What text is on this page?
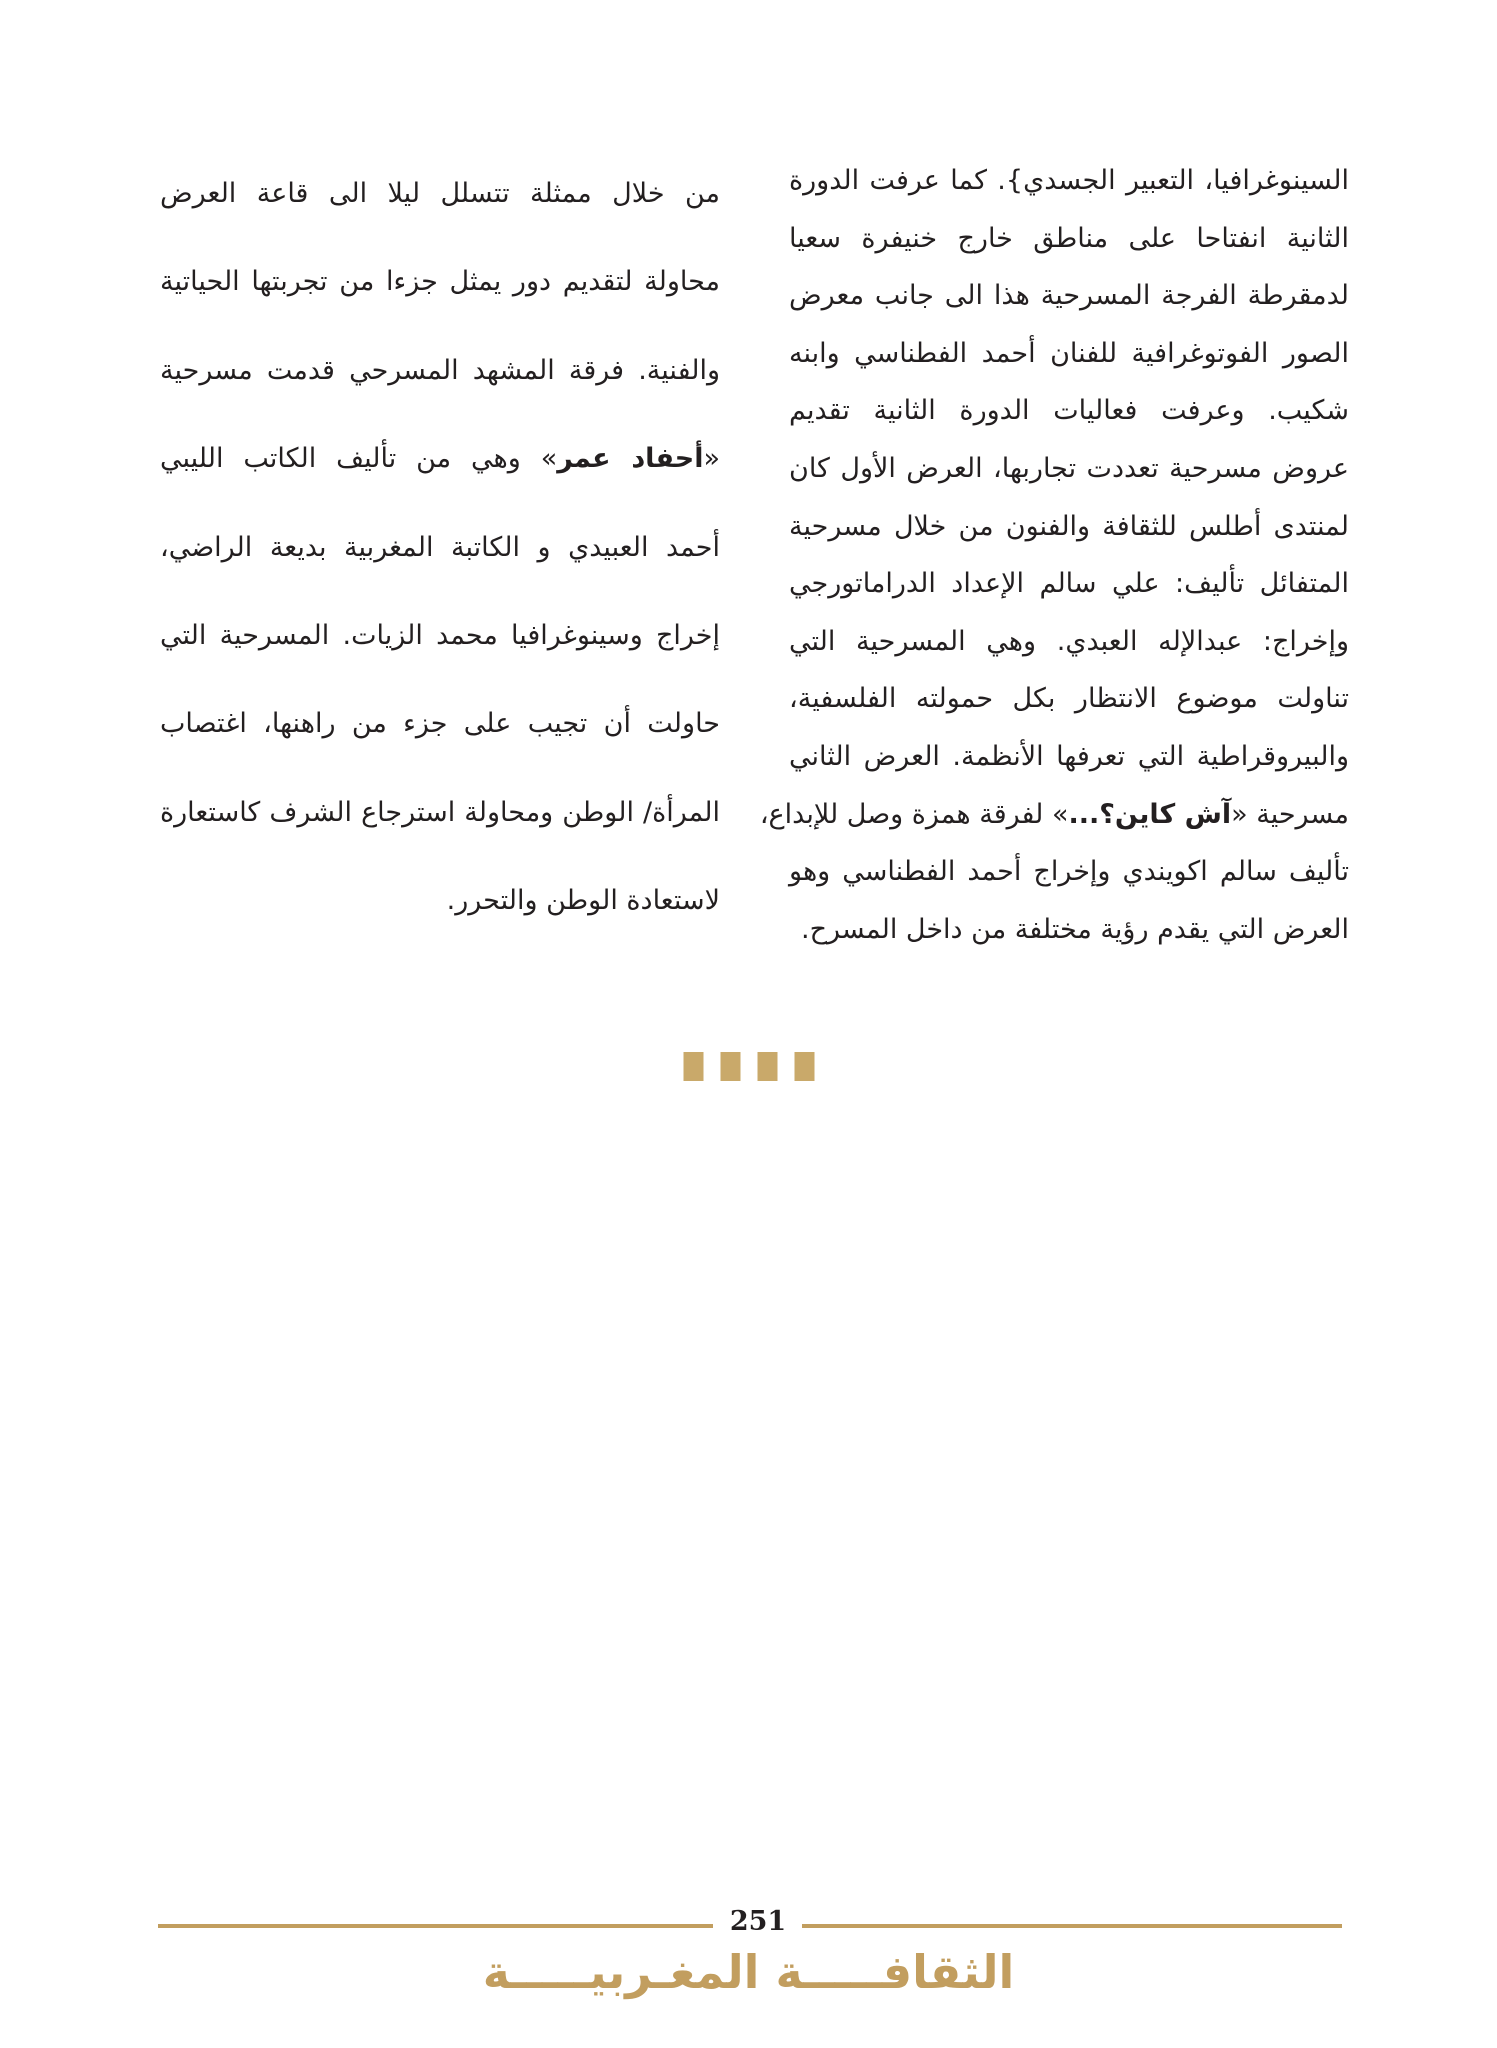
السينوغرافيا، التعبير الجسدي}. كما عرفت الدورة
الثانية انفتاحا على مناطق خارج خنيفرة سعيا
لدمقرطة الفرجة المسرحية هذا الى جانب معرض
الصور الفوتوغرافية للفنان أحمد الفطناسي وابنه
شكيب. وعرفت فعاليات الدورة الثانية تقديم
عروض مسرحية تعددت تجاربها، العرض الأول كان
لمنتدى أطلس للثقافة والفنون من خلال مسرحية
المتفائل تأليف: علي سالم الإعداد الدراماتورجي
وإخراج: عبدالإله العبدي. وهي المسرحية التي
تناولت موضوع الانتظار بكل حمولته الفلسفية،
والبيروقراطية التي تعرفها الأنظمة. العرض الثاني
مسرحية «آش كاين؟...» لفرقة همزة وصل للإبداع،
تأليف سالم اكويندي وإخراج أحمد الفطناسي وهو
العرض التي يقدم رؤية مختلفة من داخل المسرح.
من خلال ممثلة تتسلل ليلا الى قاعة العرض
محاولة لتقديم دور يمثل جزءا من تجربتها الحياتية
والفنية. فرقة المشهد المسرحي قدمت مسرحية
«أحفاد عمر» وهي من تأليف الكاتب الليبي
أحمد العبيدي و الكاتبة المغربية بديعة الراضي،
إخراج وسينوغرافيا محمد الزيات. المسرحية التي
حاولت أن تجيب على جزء من راهنها، اغتصاب
المرأة/ الوطن ومحاولة استرجاع الشرف كاستعارة
لاستعادة الوطن والتحرر.
251
الثقافـــــة المغـربيـــــة
